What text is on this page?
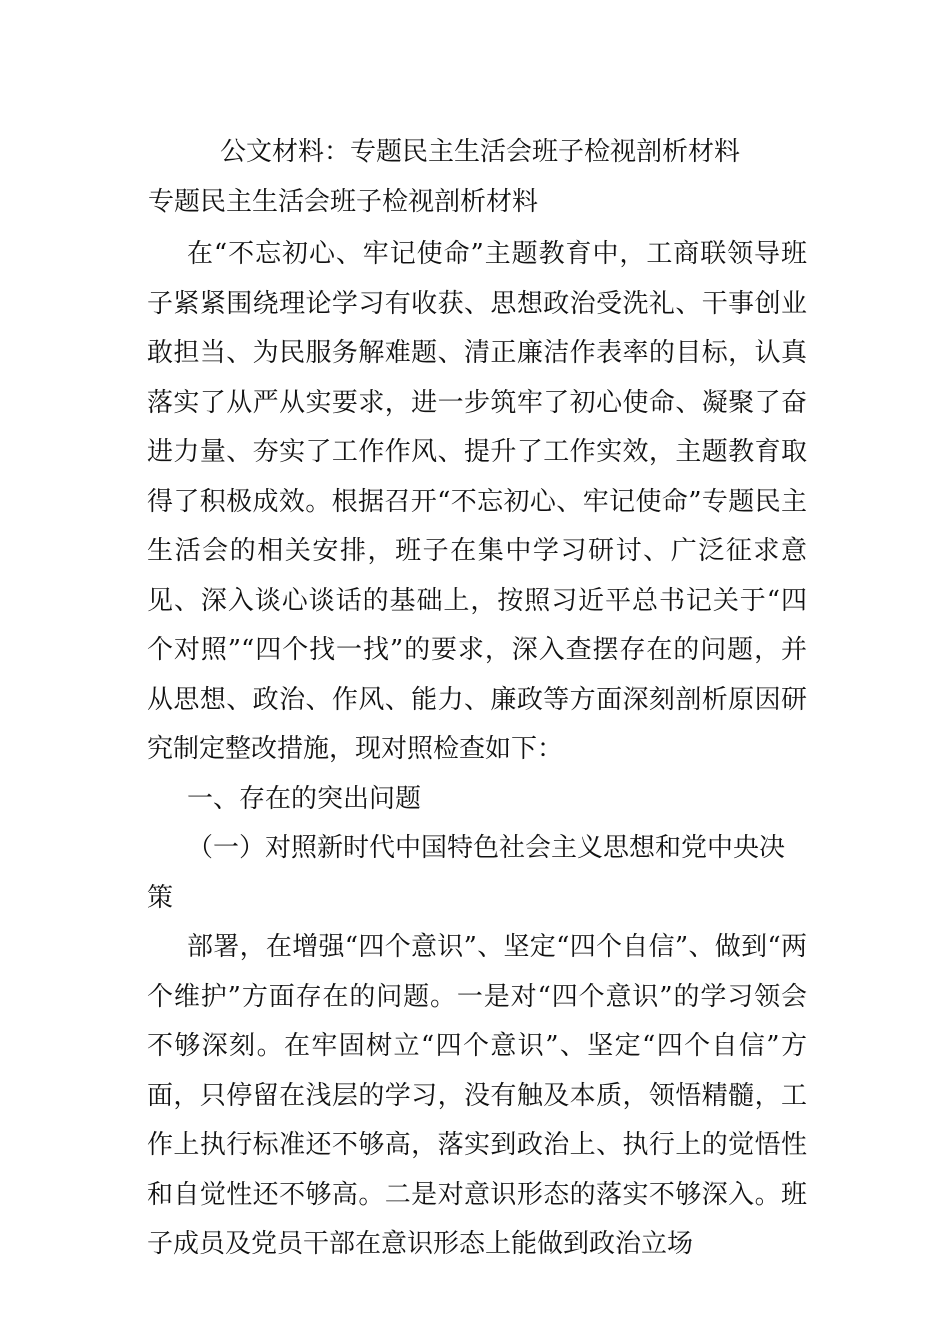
公文材料：专题民主生活会班子检视剖析材料
专题民主生活会班子检视剖析材料

在“不忘初心、牢记使命”主题教育中，工商联领导班子紧紧围绕理论学习有收获、思想政治受洗礼、干事创业敢担当、为民服务解难题、清正廉洁作表率的目标，认真落实了从严从实要求，进一步筑牢了初心使命、凝聚了奋进力量、夯实了工作作风、提升了工作实效，主题教育取得了积极成效。根据召开“不忘初心、牢记使命”专题民主生活会的相关安排，班子在集中学习研讨、广泛征求意见、深入谈心谈话的基础上，按照习近平总书记关于“四个对照”“四个找一找”的要求，深入查摆存在的问题，并从思想、政治、作风、能力、廉政等方面深刻剖析原因研究制定整改措施，现对照检查如下：

一、存在的突出问题

（一）对照新时代中国特色社会主义思想和党中央决策

部署，在增强“四个意识”、坚定“四个自信”、做到“两个维护”方面存在的问题。一是对“四个意识”的学习领会不够深刻。在牢固树立“四个意识”、坚定“四个自信”方面，只停留在浅层的学习，没有触及本质，领悟精髓，工作上执行标准还不够高，落实到政治上、执行上的觉悟性和自觉性还不够高。二是对意识形态的落实不够深入。班子成员及党员干部在意识形态上能做到政治立场
